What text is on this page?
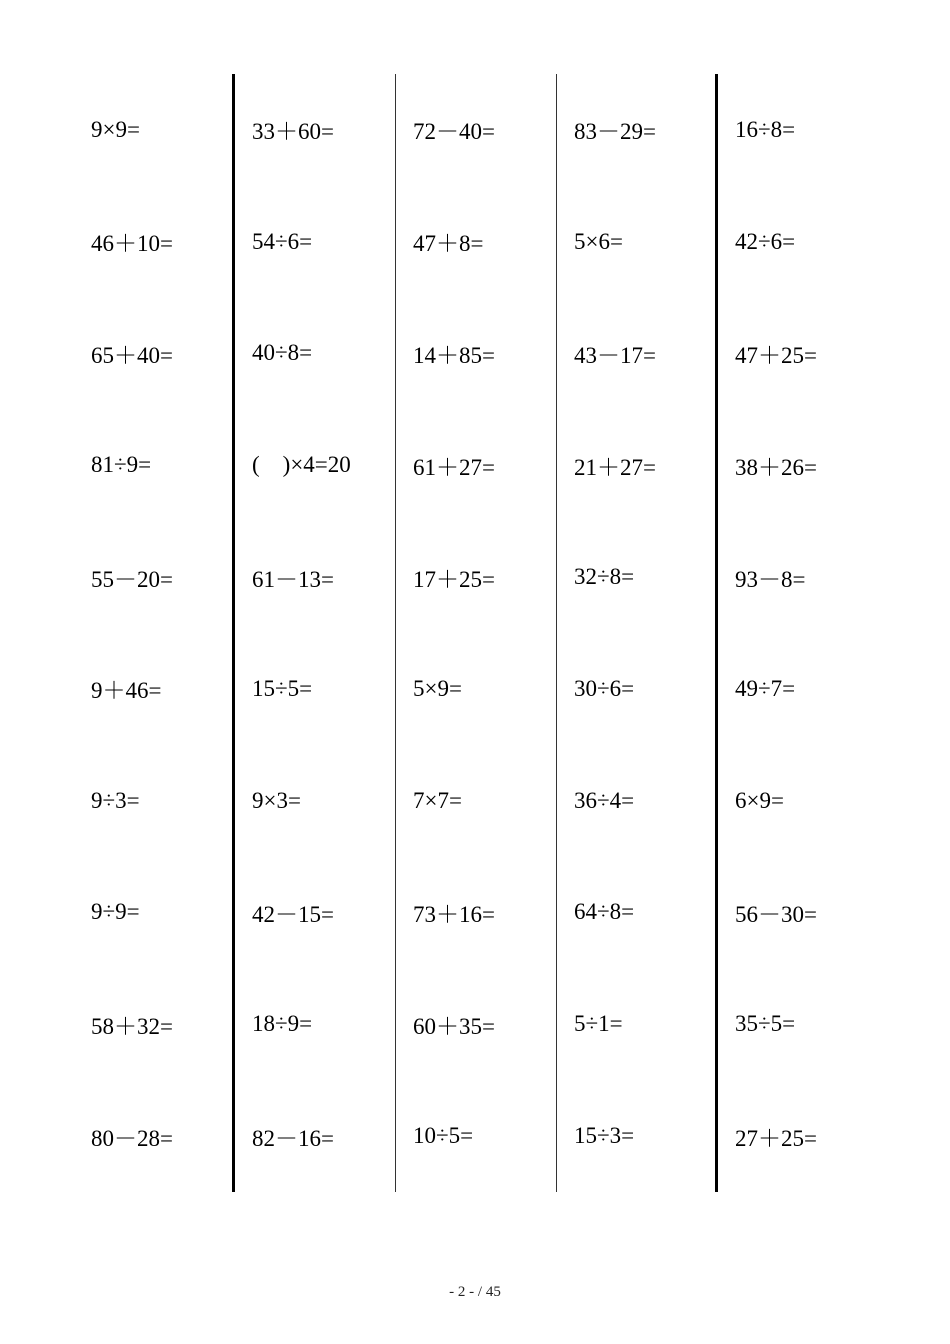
9×9=
46＋10=
65＋40=
81÷9=
55－20=
9＋46=
9÷3=
9÷9=
58＋32=
80－28=
33＋60=
54÷6=
40÷8=
(    )×4=20
61－13=
15÷5=
9×3=
42－15=
18÷9=
82－16=
72－40=
47＋8=
14＋85=
61＋27=
17＋25=
5×9=
7×7=
73＋16=
60＋35=
10÷5=
83－29=
5×6=
43－17=
21＋27=
32÷8=
30÷6=
36÷4=
64÷8=
5÷1=
15÷3=
16÷8=
42÷6=
47＋25=
38＋26=
93－8=
49÷7=
6×9=
56－30=
35÷5=
27＋25=
- 2 - / 45
